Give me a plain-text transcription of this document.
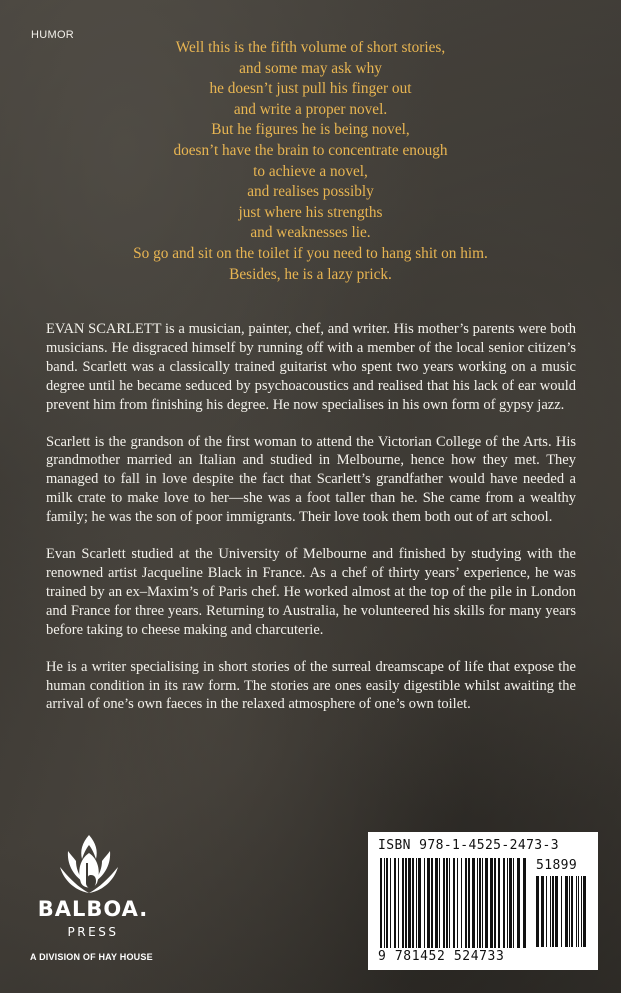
HUMOR
Well this is the fifth volume of short stories,
and some may ask why
he doesn’t just pull his finger out
and write a proper novel.
But he figures he is being novel,
doesn’t have the brain to concentrate enough
to achieve a novel,
and realises possibly
just where his strengths
and weaknesses lie.
So go and sit on the toilet if you need to hang shit on him.
Besides, he is a lazy prick.

EVAN SCARLETT is a musician, painter, chef, and writer. His mother’s parents were both musicians. He disgraced himself by running off with a member of the local senior citizen’s band. Scarlett was a classically trained guitarist who spent two years working on a music degree until he became seduced by psychoacoustics and realised that his lack of ear would prevent him from finishing his degree. He now specialises in his own form of gypsy jazz.

Scarlett is the grandson of the first woman to attend the Victorian College of the Arts. His grandmother married an Italian and studied in Melbourne, hence how they met. They managed to fall in love despite the fact that Scarlett’s grandfather would have needed a milk crate to make love to her—she was a foot taller than he. She came from a wealthy family; he was the son of poor immigrants. Their love took them both out of art school.

Evan Scarlett studied at the University of Melbourne and finished by studying with the renowned artist Jacqueline Black in France. As a chef of thirty years’ experience, he was trained by an ex–Maxim’s of Paris chef. He worked almost at the top of the pile in London and France for three years. Returning to Australia, he volunteered his skills for many years before taking to cheese making and charcuterie.

He is a writer specialising in short stories of the surreal dreamscape of life that expose the human condition in its raw form. The stories are ones easily digestible whilst awaiting the arrival of one’s own faeces in the relaxed atmosphere of one’s own toilet.

BALBOA.
PRESS
A DIVISION OF HAY HOUSE
ISBN 978-1-4525-2473-3
51899
9 781452 524733
